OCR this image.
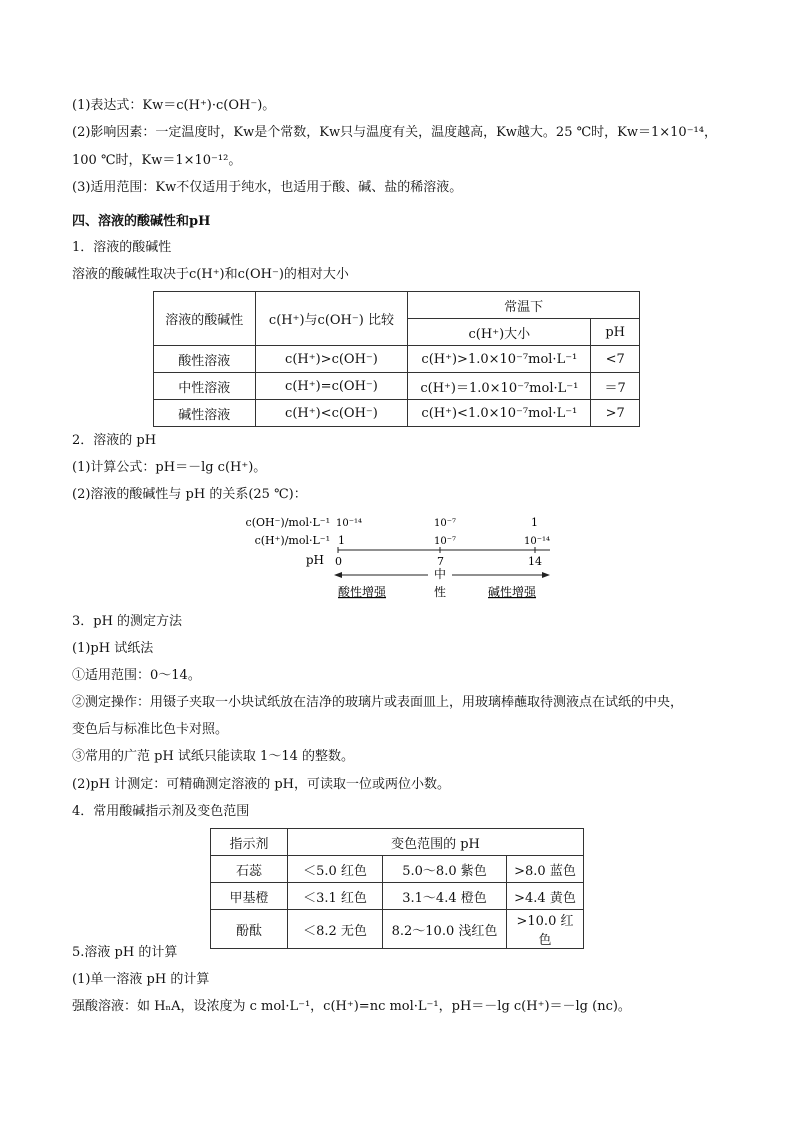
(1)表达式：Kw＝c(H⁺)·c(OH⁻)。
(2)影响因素：一定温度时，Kw是个常数，Kw只与温度有关，温度越高，Kw越大。25 ℃时，Kw＝1×10⁻¹⁴，
100 ℃时，Kw＝1×10⁻¹²。
(3)适用范围：Kw不仅适用于纯水，也适用于酸、碱、盐的稀溶液。
四、溶液的酸碱性和pH
1．溶液的酸碱性
溶液的酸碱性取决于c(H⁺)和c(OH⁻)的相对大小
溶液的酸碱性	c(H⁺)与c(OH⁻) 比较	常温下	
		c(H⁺)大小	pH
酸性溶液	c(H⁺)>c(OH⁻)	c(H⁺)>1.0×10⁻⁷mol·L⁻¹	<7
中性溶液	c(H⁺)=c(OH⁻)	c(H⁺)＝1.0×10⁻⁷mol·L⁻¹	＝7
碱性溶液	c(H⁺)<c(OH⁻)	c(H⁺)<1.0×10⁻⁷mol·L⁻¹	>7
2．溶液的 pH
(1)计算公式：pH＝－lg c(H⁺)。
(2)溶液的酸碱性与 pH 的关系(25 ℃)：
c(OH⁻)/mol·L⁻¹
c(H⁺)/mol·L⁻¹
pH
10⁻¹⁴	10⁻⁷	1
1	10⁻⁷	10⁻¹⁴
0	7	14
中
性
酸性增强	碱性增强
3．pH 的测定方法
(1)pH 试纸法
①适用范围：0～14。
②测定操作：用镊子夹取一小块试纸放在洁净的玻璃片或表面皿上，用玻璃棒蘸取待测液点在试纸的中央，
变色后与标准比色卡对照。
③常用的广范 pH 试纸只能读取 1～14 的整数。
(2)pH 计测定：可精确测定溶液的 pH，可读取一位或两位小数。
4．常用酸碱指示剂及变色范围
指示剂	变色范围的 pH		
石蕊	＜5.0 红色	5.0～8.0 紫色	>8.0 蓝色
甲基橙	＜3.1 红色	3.1～4.4 橙色	>4.4 黄色
酚酞	＜8.2 无色	8.2～10.0 浅红色	>10.0 红色
5.溶液 pH 的计算
(1)单一溶液 pH 的计算
强酸溶液：如 HₙA，设浓度为 c mol·L⁻¹，c(H⁺)=nc mol·L⁻¹，pH＝－lg c(H⁺)＝－lg (nc)。
